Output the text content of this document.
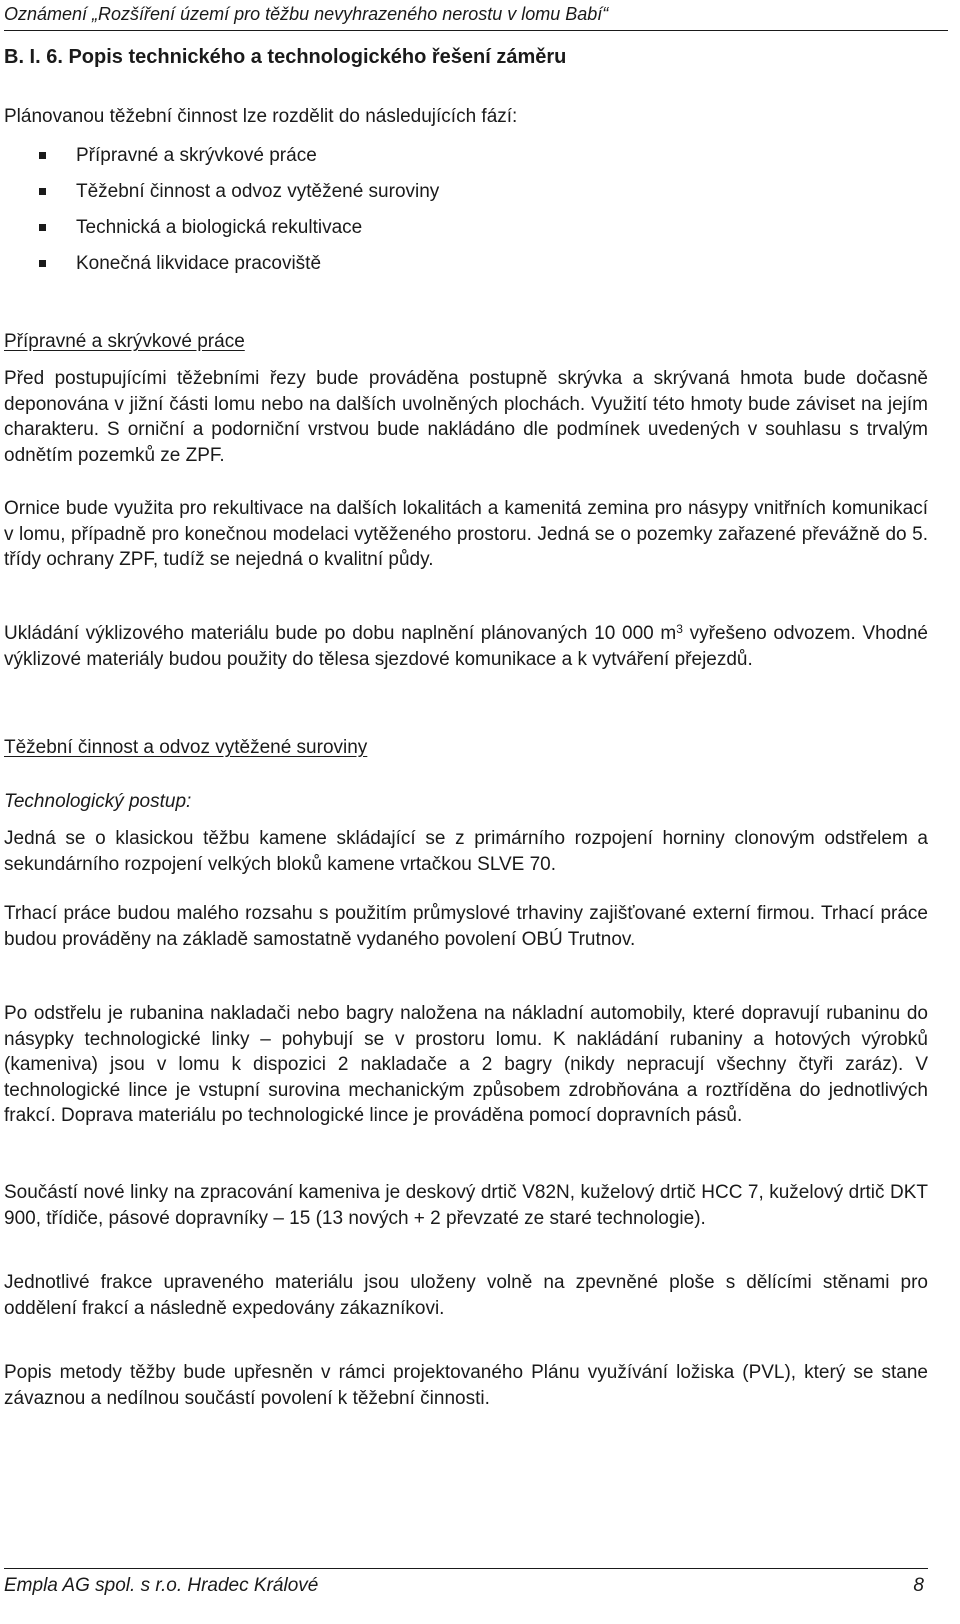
Oznámení „Rozšíření území pro těžbu nevyhrazeného nerostu v lomu Babí“
B. I. 6. Popis technického a technologického řešení záměru

Plánovanou těžební činnost lze rozdělit do následujících fází:

Přípravné a skrývkové práce
Těžební činnost a odvoz vytěžené suroviny
Technická a biologická rekultivace
Konečná likvidace pracoviště
Přípravné a skrývkové práce

Před postupujícími těžebními řezy bude prováděna postupně skrývka a skrývaná hmota bude dočasně deponována v jižní části lomu nebo na dalších uvolněných plochách. Využití této hmoty bude záviset na jejím charakteru. S orniční a podorniční vrstvou bude nakládáno dle podmínek uvedených v souhlasu s trvalým odnětím pozemků ze ZPF.

Ornice bude využita pro rekultivace na dalších lokalitách a kamenitá zemina pro násypy vnitřních komunikací v lomu, případně pro konečnou modelaci vytěženého prostoru. Jedná se o pozemky zařazené převážně do 5. třídy ochrany ZPF, tudíž se nejedná o kvalitní půdy.

Ukládání výklizového materiálu bude po dobu naplnění plánovaných 10 000 $m^3$ vyřešeno odvozem. Vhodné výklizové materiály budou použity do tělesa sjezdové komunikace a k vytváření přejezdů.

Těžební činnost a odvoz vytěžené suroviny
Technologický postup:

Jedná se o klasickou těžbu kamene skládající se z primárního rozpojení horniny clonovým odstřelem a sekundárního rozpojení velkých bloků kamene vrtačkou SLVE 70.

Trhací práce budou malého rozsahu s použitím průmyslové trhaviny zajišťované externí firmou. Trhací práce budou prováděny na základě samostatně vydaného povolení OBÚ Trutnov.

Po odstřelu je rubanina nakladači nebo bagry naložena na nákladní automobily, které dopravují rubaninu do násypky technologické linky – pohybují se v prostoru lomu. K nakládání rubaniny a hotových výrobků (kameniva) jsou v lomu k dispozici 2 nakladače a 2 bagry (nikdy nepracují všechny čtyři zaráz). V technologické lince je vstupní surovina mechanickým způsobem zdrobňována a roztříděna do jednotlivých frakcí. Doprava materiálu po technologické lince je prováděna pomocí dopravních pásů.

Součástí nové linky na zpracování kameniva je deskový drtič V82N, kuželový drtič HCC 7, kuželový drtič DKT 900, třídiče, pásové dopravníky – 15 (13 nových + 2 převzaté ze staré technologie).

Jednotlivé frakce upraveného materiálu jsou uloženy volně na zpevněné ploše s dělícími stěnami pro oddělení frakcí a následně expedovány zákazníkovi.

Popis metody těžby bude upřesněn v rámci projektovaného Plánu využívání ložiska (PVL), který se stane závaznou a nedílnou součástí povolení k těžební činnosti.

Empla AG spol. s r.o. Hradec Králové	8
